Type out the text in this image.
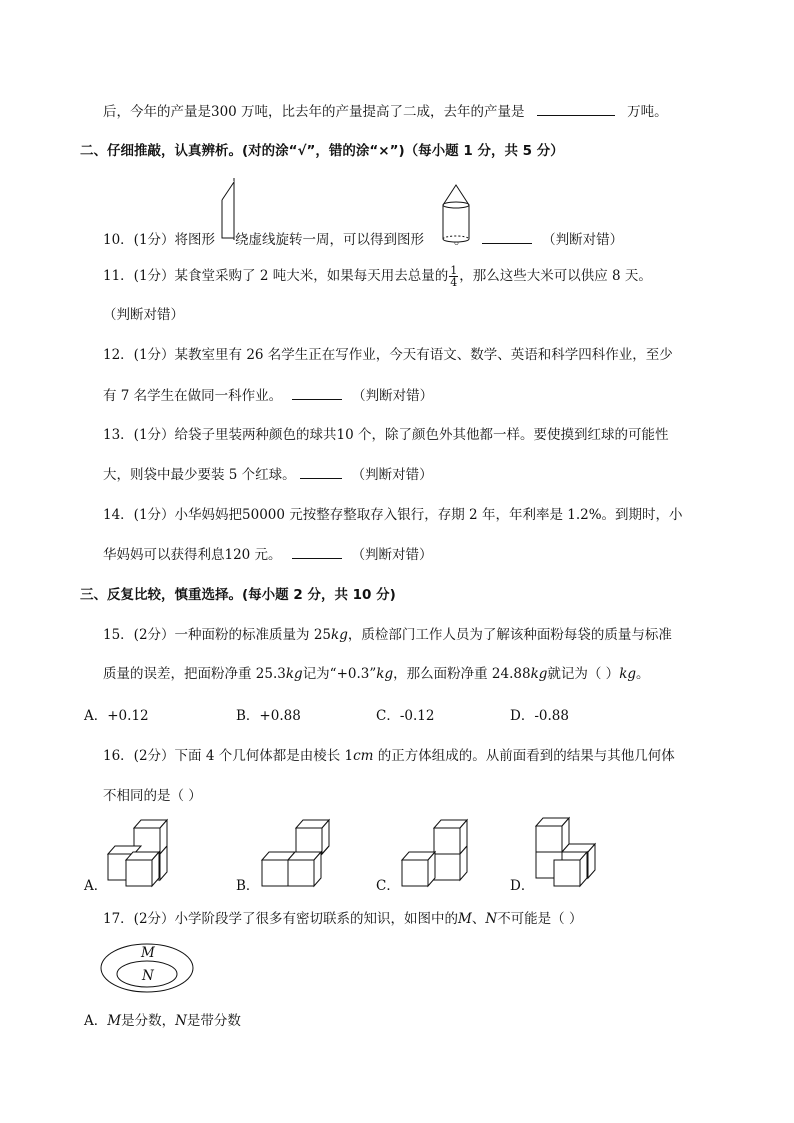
后，今年的产量是300 万吨，比去年的产量提高了二成，去年的产量是	万吨。
二、仔细推敲，认真辨析。(对的涂“√”，错的涂“×”)（每小题 1 分，共 5 分）
10．(1分）将图形 绕虚线旋转一周，可以得到图形 。	（判断对错）
11．(1分）某食堂采购了 2 吨大米，如果每天用去总量的 $\frac{1}{4}$ ，那么这些大米可以供应 8 天。
（判断对错）
12．(1分）某教室里有 26 名学生正在写作业，今天有语文、数学、英语和科学四科作业，至少
有 7 名学生在做同一科作业。	（判断对错）
13．(1分）给袋子里装两种颜色的球共10 个，除了颜色外其他都一样。要使摸到红球的可能性
大，则袋中最少要装 5 个红球。	（判断对错）
14．(1分）小华妈妈把50000 元按整存整取存入银行，存期 2 年，年利率是 1.2%。到期时，小
华妈妈可以获得利息120 元。	（判断对错）
三、反复比较，慎重选择。(每小题 2 分，共 10 分)
15．(2分）一种面粉的标准质量为 25kg，质检部门工作人员为了解该种面粉每袋的质量与标准
质量的误差，把面粉净重 25.3kg记为“+0.3”kg，那么面粉净重 24.88kg就记为（ ）kg。
A．+0.12	B．+0.88	C．-0.12	D．-0.88
16．(2分）下面 4 个几何体都是由棱长 1cm 的正方体组成的。从前面看到的结果与其他几何体
不相同的是（ ）
A．	B．	C．	D．
17．(2分）小学阶段学了很多有密切联系的知识，如图中的M、N不可能是（ ）
M
N
A．M是分数，N是带分数
